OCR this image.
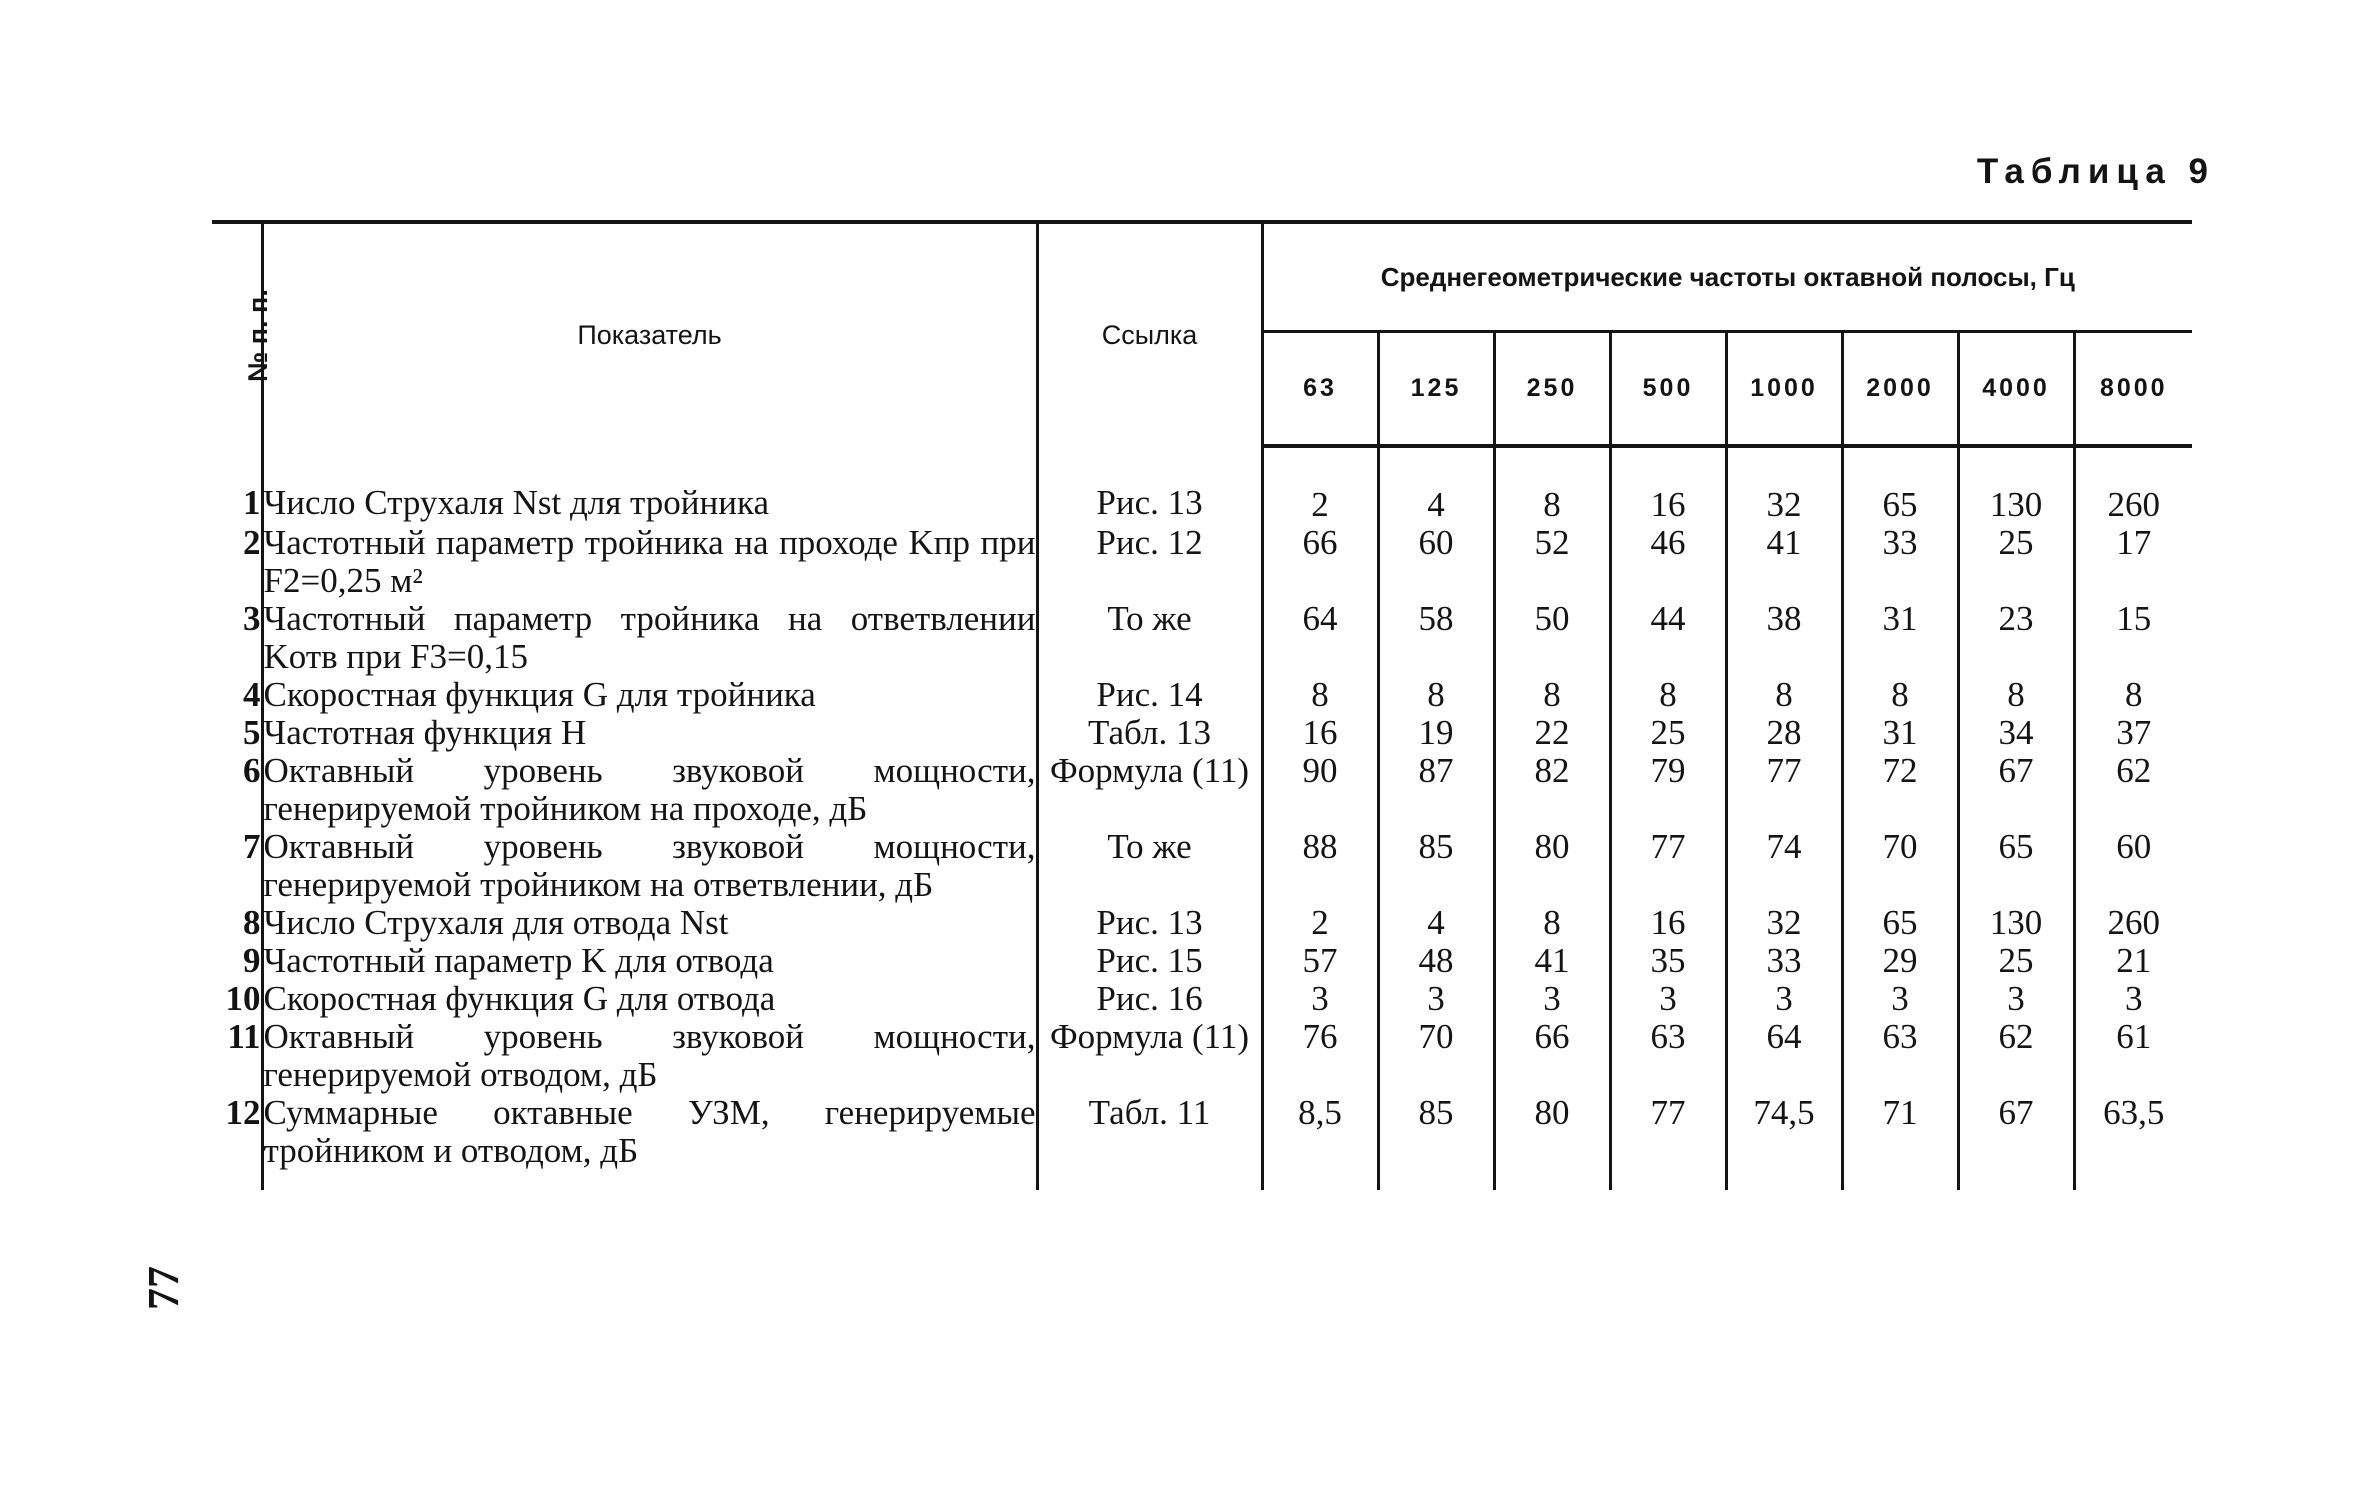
Таблица 9
№ п. п.	Показатель	Ссылка	Среднегеометрические частоты октавной полосы, Гц							
			63	125	250	500	1000	2000	4000	8000
1	Число Струхаля Nst для тройника	Рис. 13	2	4	8	16	32	65	130	260
2	Частотный параметр тройника на проходе Kпр при F2=0,25 м²	Рис. 12	66	60	52	46	41	33	25	17
3	Частотный параметр тройника на ответвлении Kотв при F3=0,15	То же	64	58	50	44	38	31	23	15
4	Скоростная функция G для тройника	Рис. 14	8	8	8	8	8	8	8	8
5	Частотная функция H	Табл. 13	16	19	22	25	28	31	34	37
6	Октавный уровень звуковой мощности, генерируемой тройником на проходе, дБ	Формула (11)	90	87	82	79	77	72	67	62
7	Октавный уровень звуковой мощности, генерируемой тройником на ответвлении, дБ	То же	88	85	80	77	74	70	65	60
8	Число Струхаля для отвода Nst	Рис. 13	2	4	8	16	32	65	130	260
9	Частотный параметр K для отвода	Рис. 15	57	48	41	35	33	29	25	21
10	Скоростная функция G для отвода	Рис. 16	3	3	3	3	3	3	3	3
11	Октавный уровень звуковой мощности, генерируемой отводом, дБ	Формула (11)	76	70	66	63	64	63	62	61
12	Суммарные октавные УЗМ, генерируемые тройником и отводом, дБ	Табл. 11	8,5	85	80	77	74,5	71	67	63,5
77
